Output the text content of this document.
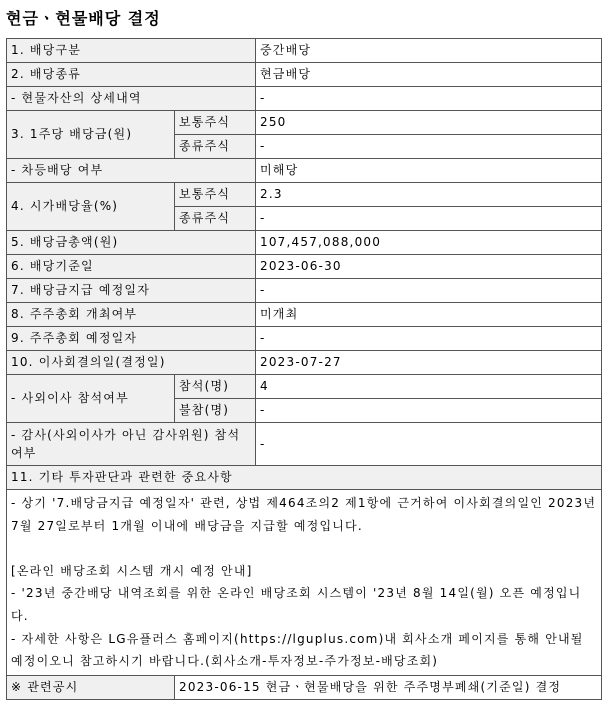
현금ㆍ현물배당 결정
1. 배당구분		중간배당
2. 배당종류		현금배당
- 현물자산의 상세내역		-
3. 1주당 배당금(원)	보통주식	250
	종류주식	-
- 차등배당 여부		미해당
4. 시가배당율(%)	보통주식	2.3
	종류주식	-
5. 배당금총액(원)		107,457,088,000
6. 배당기준일		2023-06-30
7. 배당금지급 예정일자		-
8. 주주총회 개최여부		미개최
9. 주주총회 예정일자		-
10. 이사회결의일(결정일)		2023-07-27
- 사외이사 참석여부	참석(명)	4
	불참(명)	-
- 감사(사외이사가 아닌 감사위원) 참석여부		-
11. 기타 투자판단과 관련한 중요사항		
- 상기 '7.배당금지급 예정일자' 관련, 상법 제464조의2 제1항에 근거하여 이사회결의일인 2023년 7월 27일로부터 1개월 이내에 배당금을 지급할 예정입니다.

[온라인 배당조회 시스템 개시 예정 안내]
- '23년 중간배당 내역조회를 위한 온라인 배당조회 시스템이 '23년 8월 14일(월) 오픈 예정입니다.
- 자세한 사항은 LG유플러스 홈페이지(https://lguplus.com)내 회사소개 페이지를 통해 안내될 예정이오니 참고하시기 바랍니다.(회사소개-투자정보-주가정보-배당조회)		
※ 관련공시	2023-06-15 현금ㆍ현물배당을 위한 주주명부폐쇄(기준일) 결정	
